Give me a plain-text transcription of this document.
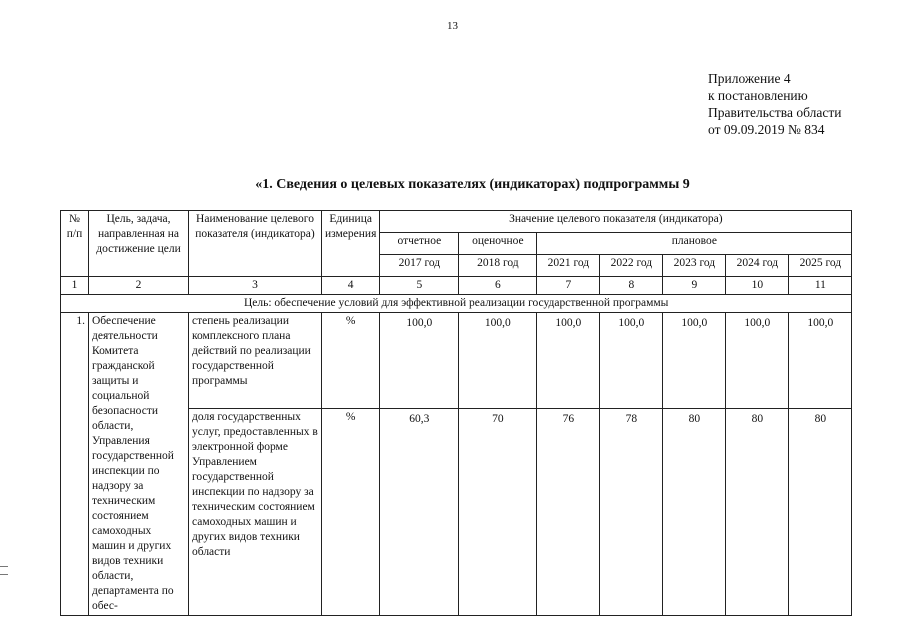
13
Приложение 4
к постановлению
Правительства области
от 09.09.2019 № 834
«1. Сведения о целевых показателях (индикаторах) подпрограммы 9
№ п/п	Цель, задача, направленная на достижение цели	Наименование целевого показателя (индикатора)	Единица измерения	Значение целевого показателя (индикатора)						
				отчетное	оценочное	плановое				
				2017 год	2018 год	2021 год	2022 год	2023 год	2024 год	2025 год
1	2	3	4	5	6	7	8	9	10	11
Цель: обеспечение условий для эффективной реализации государственной программы										
1.	Обеспечение деятельности Комитета гражданской защиты и социальной безопасности области, Управления государственной инспекции по надзору за техническим состоянием самоходных машин и других видов техники области, департамента по обес-	степень реализации комплексного плана действий по реализации государственной программы	%	100,0	100,0	100,0	100,0	100,0	100,0	100,0
		доля государственных услуг, предоставленных в электронной форме Управлением государственной инспекции по надзору за техническим состоянием самоходных машин и других видов техники области	%	60,3	70	76	78	80	80	80
